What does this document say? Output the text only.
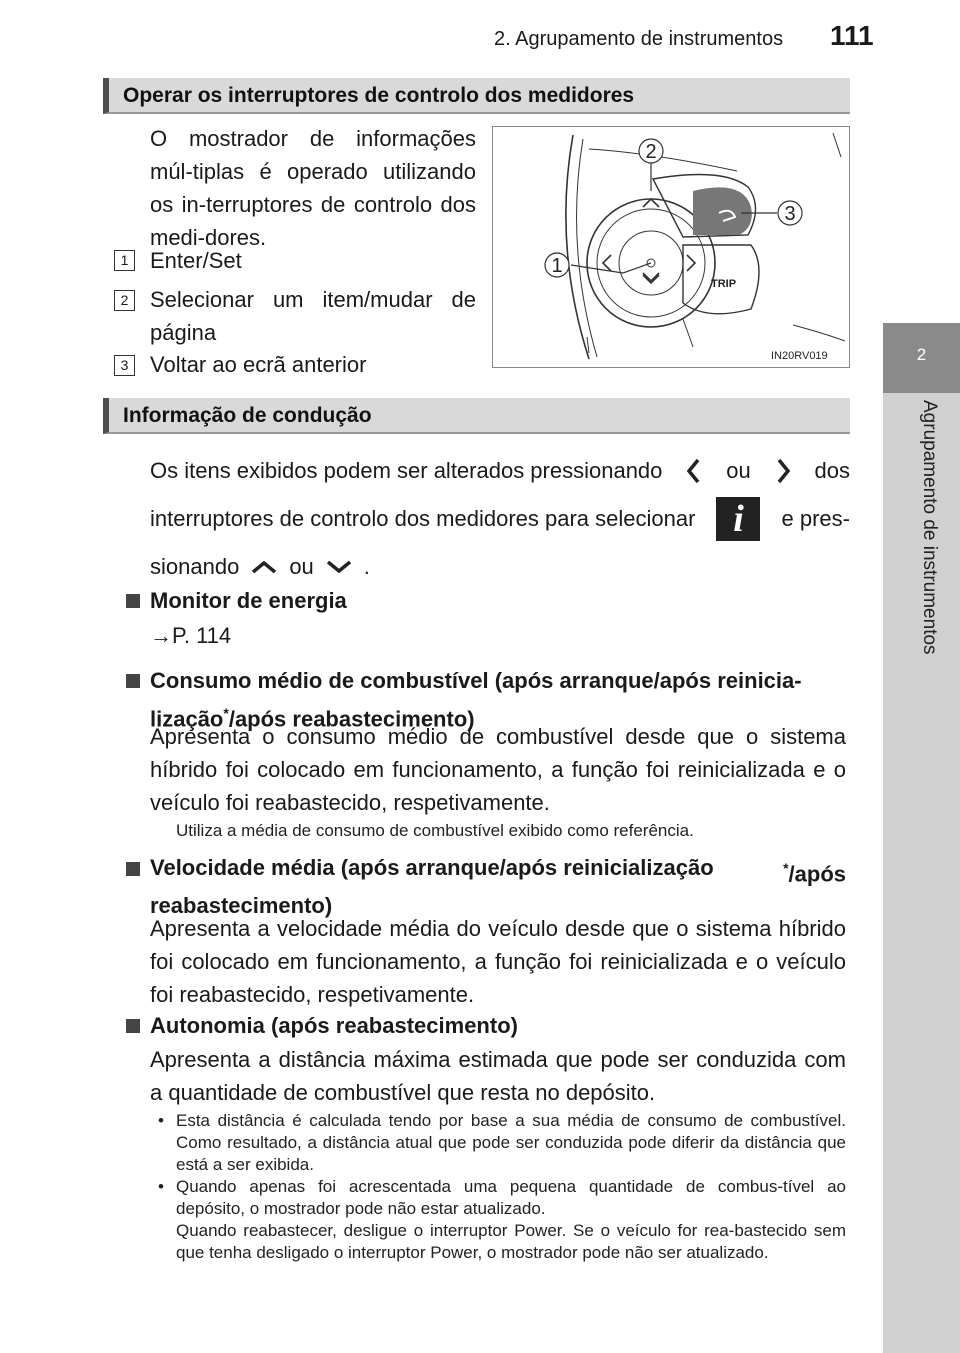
2. Agrupamento de instrumentos 111
2
Agrupamento de instrumentos
Operar os interruptores de controlo dos medidores
O mostrador de informações múl-tiplas é operado utilizando os in-terruptores de controlo dos medi-dores.
1 Enter/Set
2 Selecionar um item/mudar de página
3 Voltar ao ecrã anterior
2
3
1
TRIP
IN20RV019
Informação de condução
Os itens exibidos podem ser alterados pressionando	ou	dos
interruptores de controlo dos medidores para selecionar i	e pres-
sionando ou .
Monitor de energia
→P. 114
Consumo médio de combustível (após arranque/após reinicia-
lização*/após reabastecimento)
Apresenta o consumo médio de combustível desde que o sistema híbrido foi colocado em funcionamento, a função foi reinicializada e o veículo foi reabastecido, respetivamente.
Utiliza a média de consumo de combustível exibido como referência.
Velocidade média (após arranque/após reinicialização	*/após
reabastecimento)
Apresenta a velocidade média do veículo desde que o sistema híbrido foi colocado em funcionamento, a função foi reinicializada e o veículo foi reabastecido, respetivamente.
Autonomia (após reabastecimento)
Apresenta a distância máxima estimada que pode ser conduzida com a quantidade de combustível que resta no depósito.
• Esta distância é calculada tendo por base a sua média de consumo de combustível. Como resultado, a distância atual que pode ser conduzida pode diferir da distância que está a ser exibida.
• Quando apenas foi acrescentada uma pequena quantidade de combus-tível ao depósito, o mostrador pode não estar atualizado.
Quando reabastecer, desligue o interruptor Power. Se o veículo for rea-bastecido sem que tenha desligado o interruptor Power, o mostrador pode não ser atualizado.
